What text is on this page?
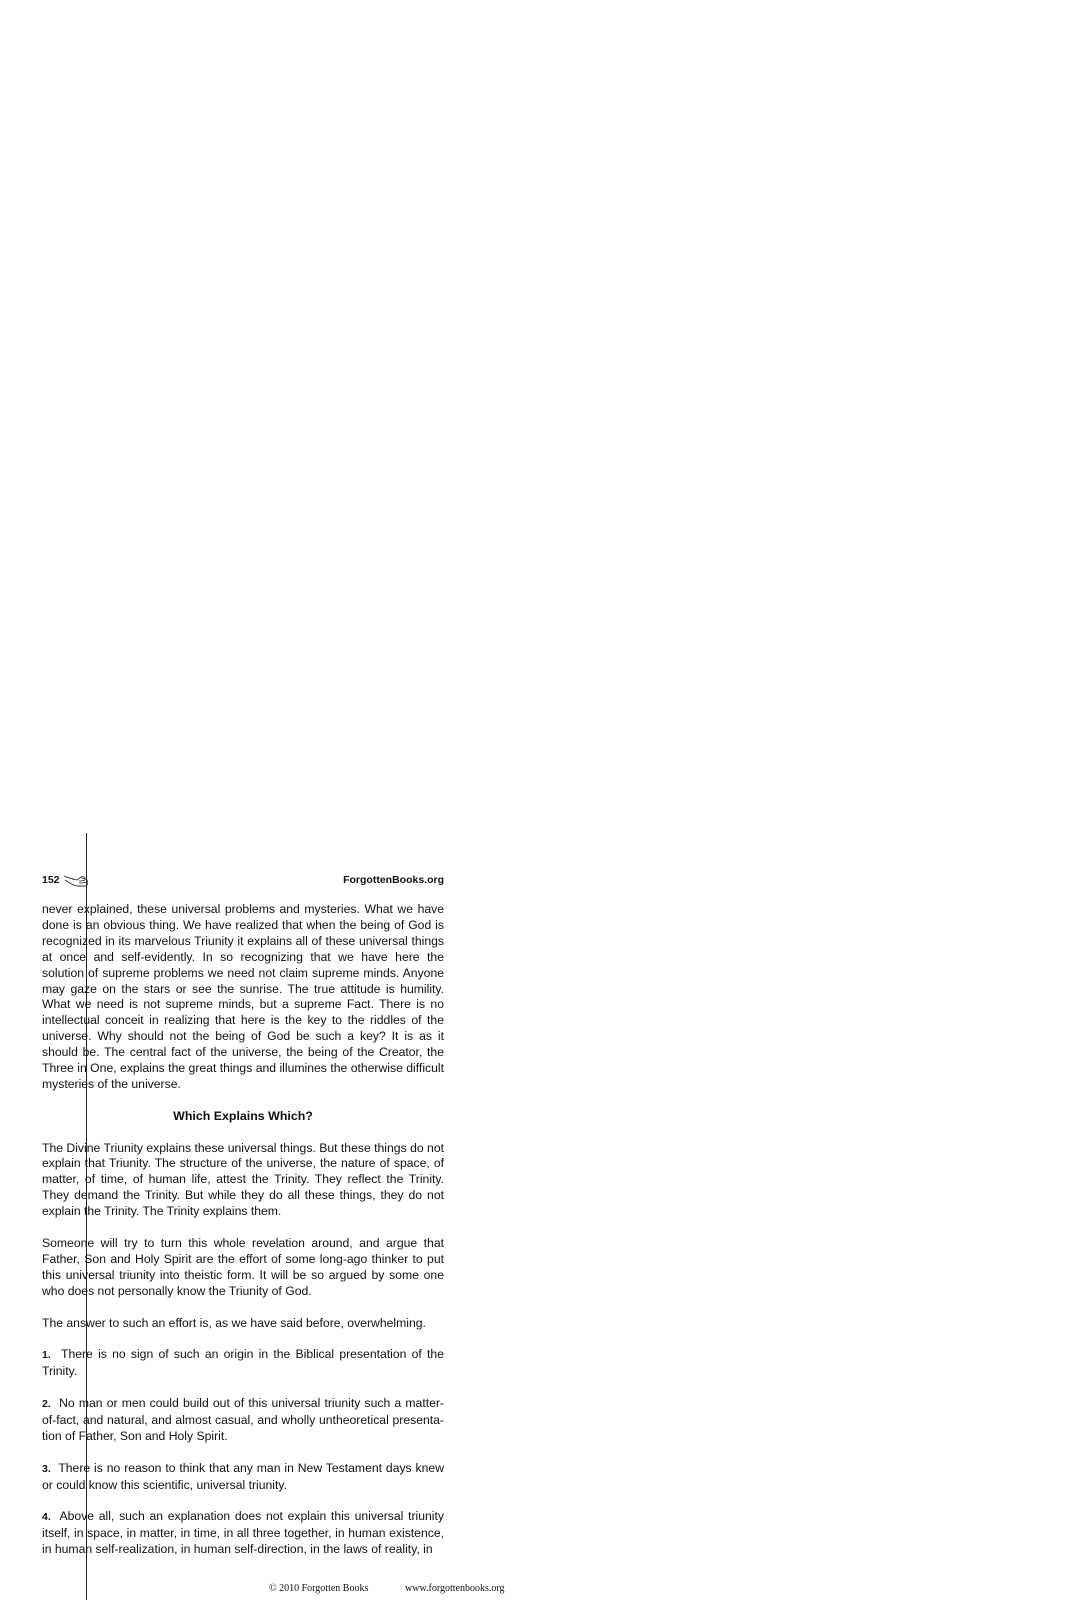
152	ForgottenBooks.org

never explained, these universal problems and mysteries. What we have done is an obvious thing. We have realized that when the being of God is recognized in its marvelous Triunity it explains all of these universal things at once and self-evidently. In so recognizing that we have here the solution of supreme problems we need not claim supreme minds. Anyone may gaze on the stars or see the sunrise. The true attitude is humility. What we need is not supreme minds, but a supreme Fact. There is no intellectual conceit in realizing that here is the key to the riddles of the universe. Why should not the being of God be such a key? It is as it should be. The central fact of the universe, the being of the Creator, the Three in One, explains the great things and illumines the otherwise difficult mysteries of the universe.

Which Explains Which?

The Divine Triunity explains these universal things. But these things do not explain that Triunity. The structure of the universe, the nature of space, of matter, of time, of human life, attest the Trinity. They reflect the Trinity. They demand the Trinity. But while they do all these things, they do not explain the Trinity. The Trinity explains them.

Someone will try to turn this whole revelation around, and argue that Father, Son and Holy Spirit are the effort of some long-ago thinker to put this universal triunity into theistic form. It will be so argued by some one who does not personally know the Triunity of God.

The answer to such an effort is, as we have said before, overwhelming.

1. There is no sign of such an origin in the Biblical presentation of the Trinity.

2. No man or men could build out of this universal triunity such a matter-of-fact, and natural, and almost casual, and wholly untheoretical presenta-tion of Father, Son and Holy Spirit.

3. There is no reason to think that any man in New Testament days knew or could know this scientific, universal triunity.

4. Above all, such an explanation does not explain this universal triunity itself, in space, in matter, in time, in all three together, in human existence, in human self-realization, in human self-direction, in the laws of reality, in

© 2010 Forgotten Books	www.forgottenbooks.org
